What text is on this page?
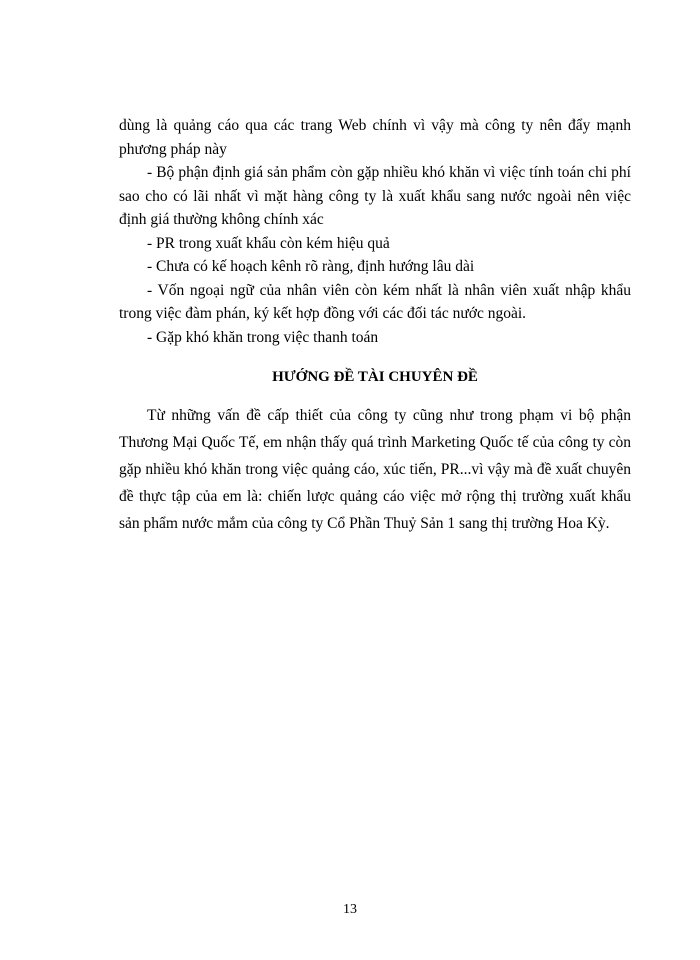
dùng là quảng cáo qua các trang Web chính vì vậy mà công ty nên đẩy mạnh phương pháp này

- Bộ phận định giá sản phẩm còn gặp nhiều khó khăn vì việc tính toán chi phí sao cho có lãi nhất vì mặt hàng công ty là xuất khẩu sang nước ngoài nên việc định giá thường không chính xác

- PR trong xuất khẩu còn kém hiệu quả

- Chưa có kế hoạch kênh rõ ràng, định hướng lâu dài

- Vốn ngoại ngữ của nhân viên còn kém nhất là nhân viên xuất nhập khẩu trong việc đàm phán, ký kết hợp đồng với các đối tác nước ngoài.

- Gặp khó khăn trong việc thanh toán

HƯỚNG ĐỀ TÀI CHUYÊN ĐỀ

Từ những vấn đề cấp thiết của công ty cũng như trong phạm vi bộ phận Thương Mại Quốc Tế, em nhận thấy quá trình Marketing Quốc tế của công ty còn gặp nhiều khó khăn trong việc quảng cáo, xúc tiến, PR...vì vậy mà đề xuất chuyên đề thực tập của em là: chiến lược quảng cáo việc mở rộng thị trường xuất khẩu sản phẩm nước mắm của công ty Cổ Phần Thuỷ Sản 1 sang thị trường Hoa Kỳ.

13
